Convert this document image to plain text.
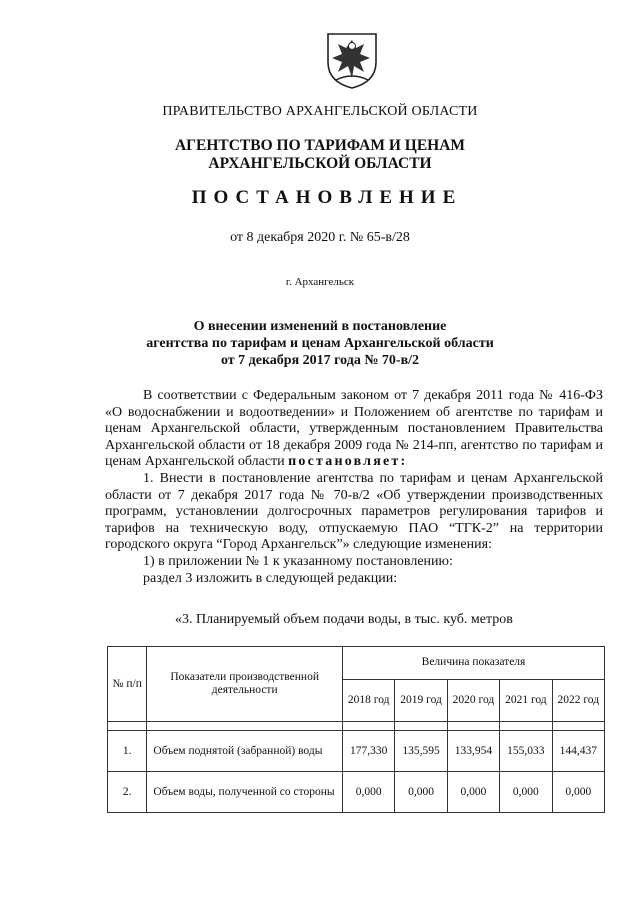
ПРАВИТЕЛЬСТВО АРХАНГЕЛЬСКОЙ ОБЛАСТИ
АГЕНТСТВО ПО ТАРИФАМ И ЦЕНАМ
АРХАНГЕЛЬСКОЙ ОБЛАСТИ
ПОСТАНОВЛЕНИЕ
от 8 декабря 2020 г. № 65-в/28
г. Архангельск
О внесении изменений в постановление
агентства по тарифам и ценам Архангельской области
от 7 декабря 2017 года № 70-в/2

В соответствии с Федеральным законом от 7 декабря 2011 года № 416-ФЗ «О водоснабжении и водоотведении» и Положением об агентстве по тарифам и ценам Архангельской области, утвержденным постановлением Правительства Архангельской области от 18 декабря 2009 года № 214-пп, агентство по тарифам и ценам Архангельской области постановляет:

1. Внести в постановление агентства по тарифам и ценам Архангельской области от 7 декабря 2017 года № 70-в/2 «Об утверждении производственных программ, установлении долгосрочных параметров регулирования тарифов и тарифов на техническую воду, отпускаемую ПАО “ТГК-2” на территории городского округа “Город Архангельск”» следующие изменения:

1) в приложении № 1 к указанному постановлению:

раздел 3 изложить в следующей редакции:

«3. Планируемый объем подачи воды, в тыс. куб. метров
№ п/п	Показатели производственной деятельности	Величина показателя				
		2018 год	2019 год	2020 год	2021 год	2022 год

1.	Объем поднятой (забранной) воды	177,330	135,595	133,954	155,033	144,437
2.	Объем воды, полученной со стороны	0,000	0,000	0,000	0,000	0,000
